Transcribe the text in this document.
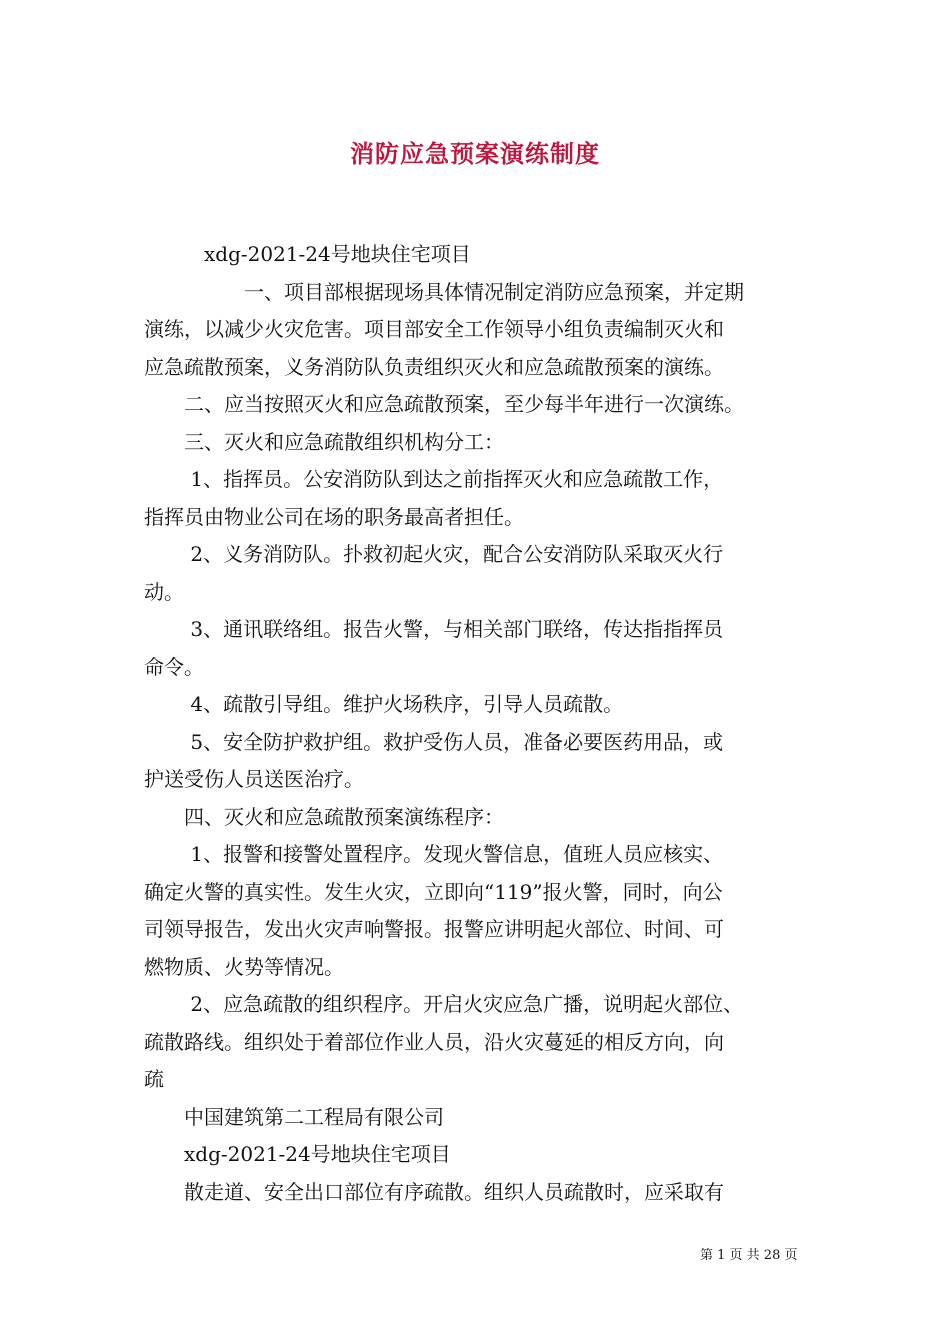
消防应急预案演练制度
　　　xdg-2021-24号地块住宅项目
　　　　　一、项目部根据现场具体情况制定消防应急预案，并定期
演练，以减少火灾危害。项目部安全工作领导小组负责编制灭火和
应急疏散预案，义务消防队负责组织灭火和应急疏散预案的演练。
　　二、应当按照灭火和应急疏散预案，至少每半年进行一次演练。
　　三、灭火和应急疏散组织机构分工：
　　 1、指挥员。公安消防队到达之前指挥灭火和应急疏散工作，
指挥员由物业公司在场的职务最高者担任。
　　 2、义务消防队。扑救初起火灾，配合公安消防队采取灭火行
动。
　　 3、通讯联络组。报告火警，与相关部门联络，传达指指挥员
命令。
　　 4、疏散引导组。维护火场秩序，引导人员疏散。
　　 5、安全防护救护组。救护受伤人员，准备必要医药用品，或
护送受伤人员送医治疗。
　　四、灭火和应急疏散预案演练程序：
　　 1、报警和接警处置程序。发现火警信息，值班人员应核实、
确定火警的真实性。发生火灾，立即向“119”报火警，同时，向公
司领导报告，发出火灾声响警报。报警应讲明起火部位、时间、可
燃物质、火势等情况。
　　 2、应急疏散的组织程序。开启火灾应急广播，说明起火部位、
疏散路线。组织处于着部位作业人员，沿火灾蔓延的相反方向，向
疏
　　中国建筑第二工程局有限公司
　　xdg-2021-24号地块住宅项目
　　散走道、安全出口部位有序疏散。组织人员疏散时，应采取有
第 1 页 共 28 页
